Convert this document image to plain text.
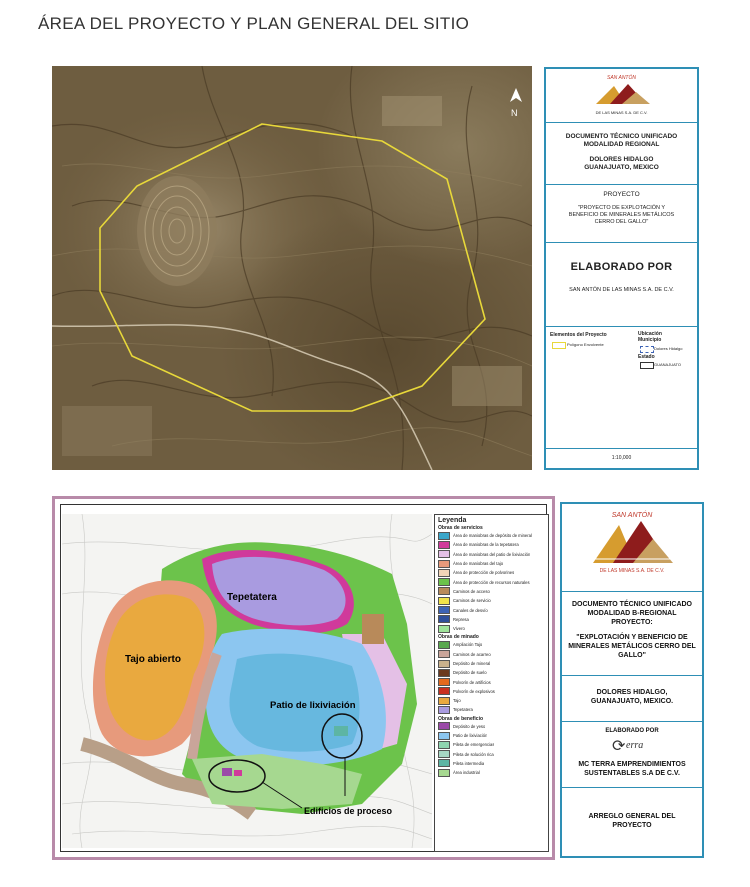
ÁREA DEL PROYECTO Y PLAN GENERAL DEL SITIO
N
SAN ANTÓN
DE LAS MINAS S.A. DE C.V.
DOCUMENTO TÉCNICO UNIFICADO
MODALIDAD REGIONAL
DOLORES HIDALGO
GUANAJUATO, MEXICO
PROYECTO
"PROYECTO DE EXPLOTACIÓN Y
BENEFICIO DE MINERALES METÁLICOS
CERRO DEL GALLO"
ELABORADO POR
SAN ANTÓN DE LAS MINAS S.A. DE C.V.
Elementos del Proyecto
Polígono Envolvente
Ubicación
Municipio
Dolores Hidalgo
Estado
GUANAJUATO
1:10,000
Tepetatera
Tajo abierto
Patio de lixiviación
Edificios de proceso
Leyenda
Obras de servicios
Área de maniobras de depósito de mineral
Área de maniobras de la tepetatera
Área de maniobras del patio de lixiviación
Área de maniobras del tajo
Área de protección de polvorines
Área de protección de recursos naturales
Caminos de acceso
Caminos de servicio
Canales de desvío
Represa
Vivero
Obras de minado
Ampliación Tajo
Caminos de acarreo
Depósito de mineral
Depósito de suelo
Polvorín de artificios
Polvorín de explosivos
Tajo
Tepetatera
Obras de beneficio
Depósito de yeso
Patio de lixiviación
Pileta de emergencias
Pileta de solución rica
Pileta intermedia
Área industrial
SAN ANTÓN
DE LAS MINAS S.A. DE C.V.
DOCUMENTO TÉCNICO UNIFICADO
MODALIDAD B-REGIONAL
PROYECTO:
"EXPLOTACIÓN Y BENEFICIO DE
MINERALES METÁLICOS CERRO DEL
GALLO"
DOLORES HIDALGO,
GUANAJUATO, MEXICO.
ELABORADO POR
⟳ erra
MC TERRA EMPRENDIMIENTOS
SUSTENTABLES S.A DE C.V.
ARREGLO GENERAL DEL
PROYECTO
